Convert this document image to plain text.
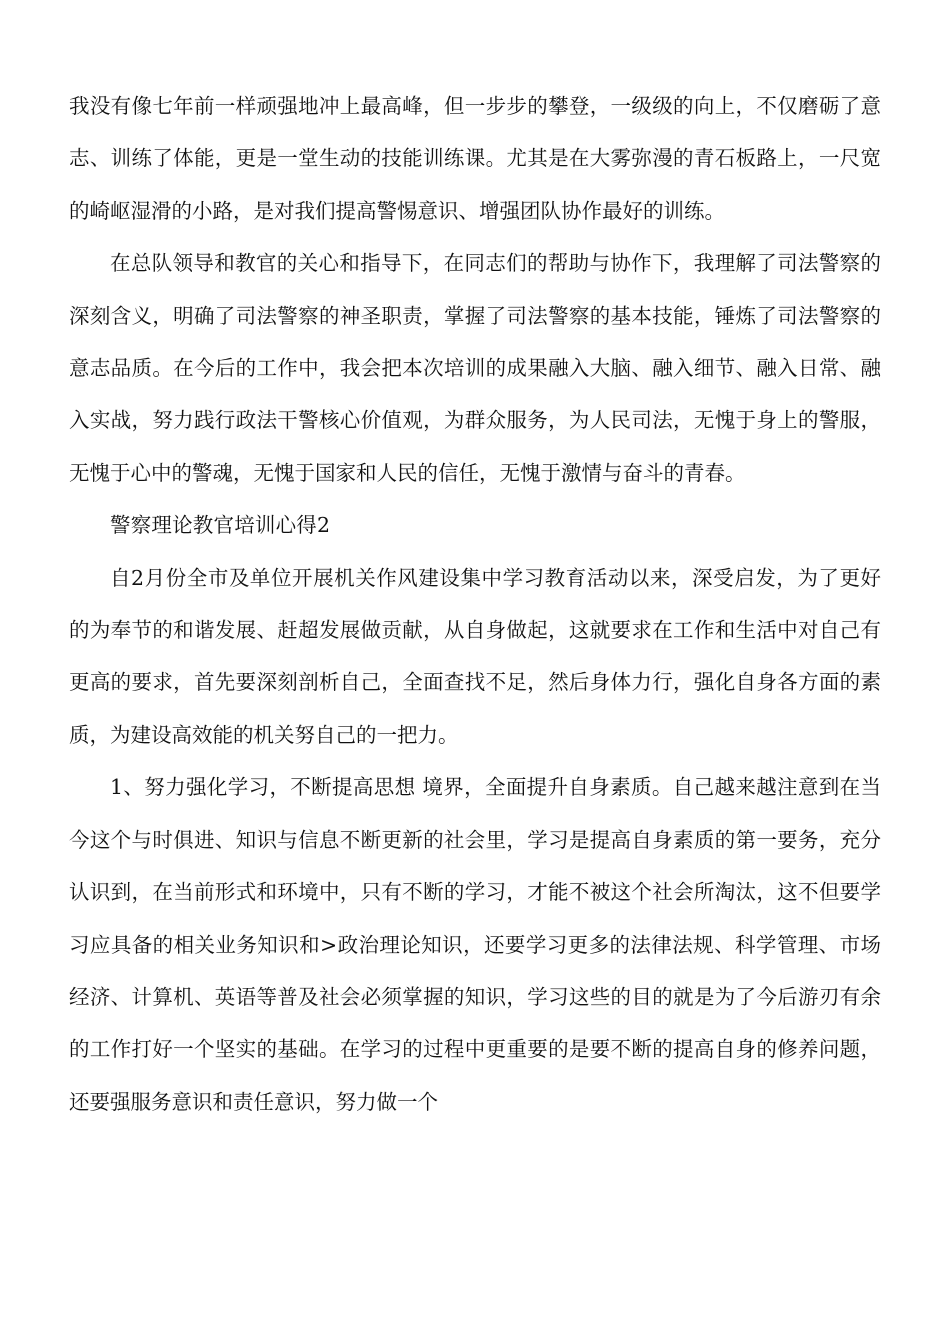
我没有像七年前一样顽强地冲上最高峰，但一步步的攀登，一级级的向上，不仅磨砺了意志、训练了体能，更是一堂生动的技能训练课。尤其是在大雾弥漫的青石板路上，一尺宽的崎岖湿滑的小路，是对我们提高警惕意识、增强团队协作最好的训练。

在总队领导和教官的关心和指导下，在同志们的帮助与协作下，我理解了司法警察的深刻含义，明确了司法警察的神圣职责，掌握了司法警察的基本技能，锤炼了司法警察的意志品质。在今后的工作中，我会把本次培训的成果融入大脑、融入细节、融入日常、融入实战，努力践行政法干警核心价值观，为群众服务，为人民司法，无愧于身上的警服，无愧于心中的警魂，无愧于国家和人民的信任，无愧于激情与奋斗的青春。

警察理论教官培训心得2

自2月份全市及单位开展机关作风建设集中学习教育活动以来，深受启发，为了更好的为奉节的和谐发展、赶超发展做贡献，从自身做起，这就要求在工作和生活中对自己有更高的要求，首先要深刻剖析自己，全面查找不足，然后身体力行，强化自身各方面的素质，为建设高效能的机关努自己的一把力。

1、努力强化学习，不断提高思想 境界，全面提升自身素质。自己越来越注意到在当今这个与时俱进、知识与信息不断更新的社会里，学习是提高自身素质的第一要务，充分认识到，在当前形式和环境中，只有不断的学习，才能不被这个社会所淘汰，这不但要学习应具备的相关业务知识和>政治理论知识，还要学习更多的法律法规、科学管理、市场经济、计算机、英语等普及社会必须掌握的知识，学习这些的目的就是为了今后游刃有余的工作打好一个坚实的基础。在学习的过程中更重要的是要不断的提高自身的修养问题，还要强服务意识和责任意识，努力做一个
